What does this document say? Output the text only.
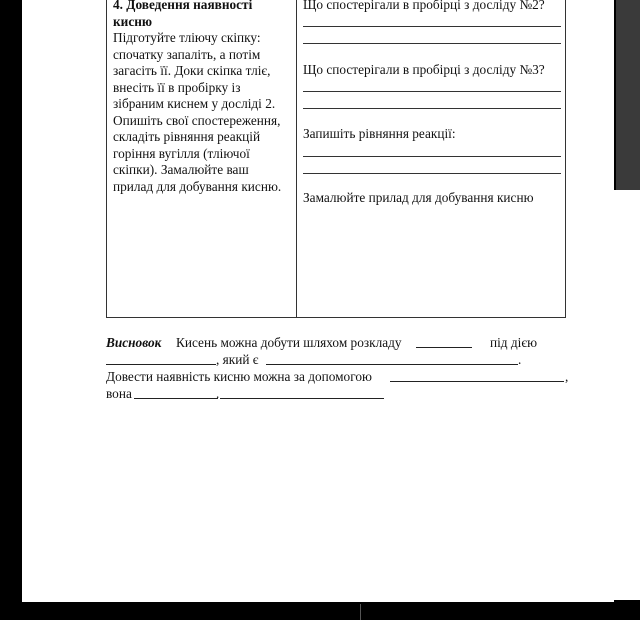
4. Доведення наявності
кисню
Підготуйте тліючу скіпку:
спочатку запаліть, а потім
загасіть її. Доки скіпка тліє,
внесіть її в пробірку із
зібраним киснем у досліді 2.
Опишіть свої спостереження,
складіть рівняння реакцій
горіння вугілля (тліючої
скіпки). Замалюйте ваш
прилад для добування кисню.
Що спостерігали в пробірці з досліду №2?
Що спостерігали в пробірці з досліду №3?
Запишіть рівняння реакції:
Замалюйте прилад для добування кисню
Висновок Кисень можна добути шляхом розкладу	під дією
, який є	.
Довести наявність кисню можна за допомогою	,
вона	.
